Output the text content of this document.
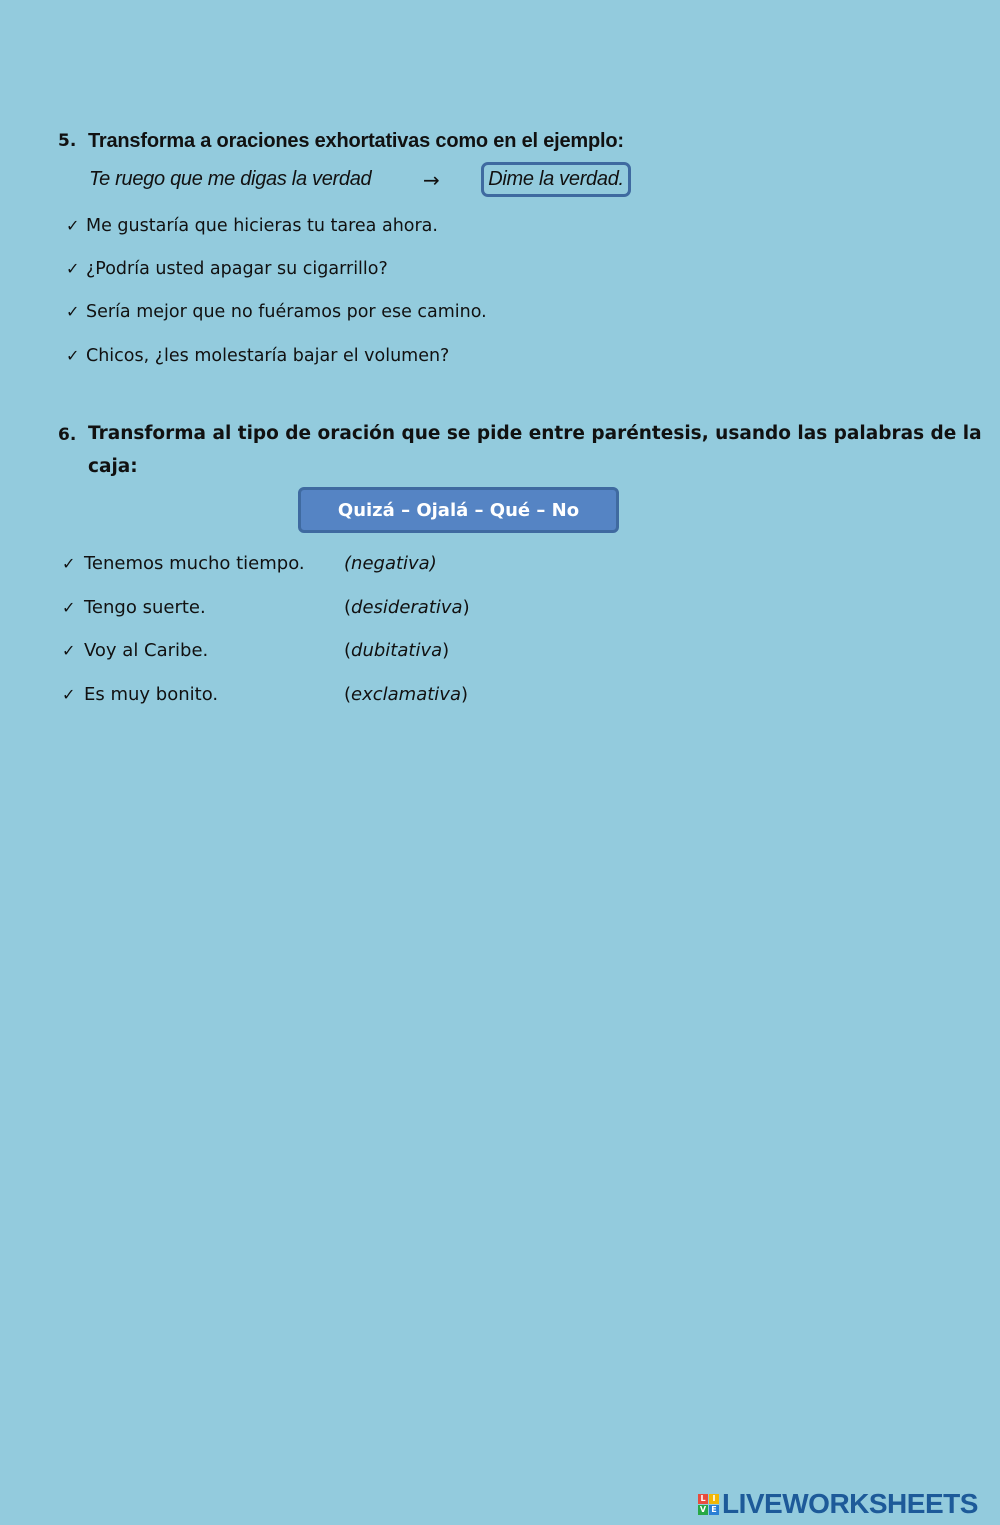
5. Transforma a oraciones exhortativas como en el ejemplo:
Te ruego que me digas la verdad	→ Dime la verdad.
✓ Me gustaría que hicieras tu tarea ahora.
✓ ¿Podría usted apagar su cigarrillo?
✓ Sería mejor que no fuéramos por ese camino.
✓ Chicos, ¿les molestaría bajar el volumen?
6. Transforma al tipo de oración que se pide entre paréntesis, usando las palabras de la
caja:
Quizá – Ojalá – Qué – No
✓ Tenemos mucho tiempo. (negativa)
✓ Tengo suerte.	(desiderativa)
✓ Voy al Caribe.	(dubitativa)
✓ Es muy bonito.	(exclamativa)
L I
V E LIVEWORKSHEETS
